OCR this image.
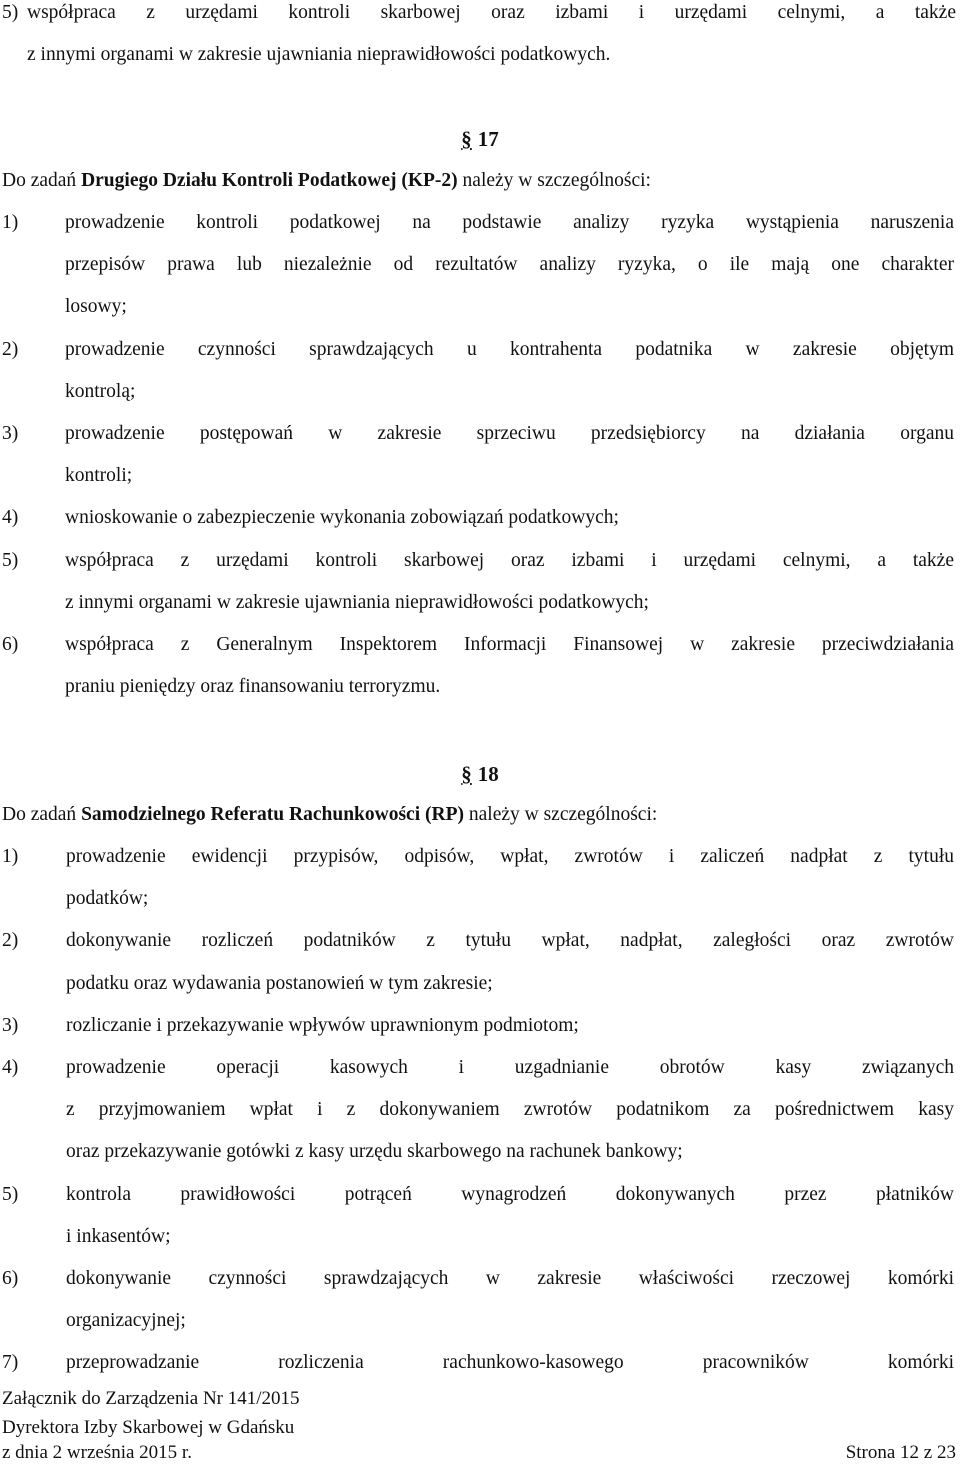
5) współpraca z urzędami kontroli skarbowej oraz izbami i urzędami celnymi, a także
z innymi organami w zakresie ujawniania nieprawidłowości podatkowych.
§ 17
Do zadań Drugiego Działu Kontroli Podatkowej (KP-2) należy w szczególności:
1) prowadzenie kontroli podatkowej na podstawie analizy ryzyka wystąpienia naruszenia
przepisów prawa lub niezależnie od rezultatów analizy ryzyka, o ile mają one charakter
losowy;
2) prowadzenie czynności sprawdzających u kontrahenta podatnika w zakresie objętym
kontrolą;
3) prowadzenie postępowań w zakresie sprzeciwu przedsiębiorcy na działania organu
kontroli;
4) wnioskowanie o zabezpieczenie wykonania zobowiązań podatkowych;
5) współpraca z urzędami kontroli skarbowej oraz izbami i urzędami celnymi, a także
z innymi organami w zakresie ujawniania nieprawidłowości podatkowych;
6) współpraca z Generalnym Inspektorem Informacji Finansowej w zakresie przeciwdziałania
praniu pieniędzy oraz finansowaniu terroryzmu.
§ 18
Do zadań Samodzielnego Referatu Rachunkowości (RP) należy w szczególności:
1) prowadzenie ewidencji przypisów, odpisów, wpłat, zwrotów i zaliczeń nadpłat z tytułu
podatków;
2) dokonywanie rozliczeń podatników z tytułu wpłat, nadpłat, zaległości oraz zwrotów
podatku oraz wydawania postanowień w tym zakresie;
3) rozliczanie i przekazywanie wpływów uprawnionym podmiotom;
4) prowadzenie operacji kasowych i uzgadnianie obrotów kasy związanych
z przyjmowaniem wpłat i z dokonywaniem zwrotów podatnikom za pośrednictwem kasy
oraz przekazywanie gotówki z kasy urzędu skarbowego na rachunek bankowy;
5) kontrola prawidłowości potrąceń wynagrodzeń dokonywanych przez płatników
i inkasentów;
6) dokonywanie czynności sprawdzających w zakresie właściwości rzeczowej komórki
organizacyjnej;
7) przeprowadzanie rozliczenia rachunkowo-kasowego pracowników komórki
Załącznik do Zarządzenia Nr 141/2015
Dyrektora Izby Skarbowej w Gdańsku
z dnia 2 września 2015 r.	Strona 12 z 23
